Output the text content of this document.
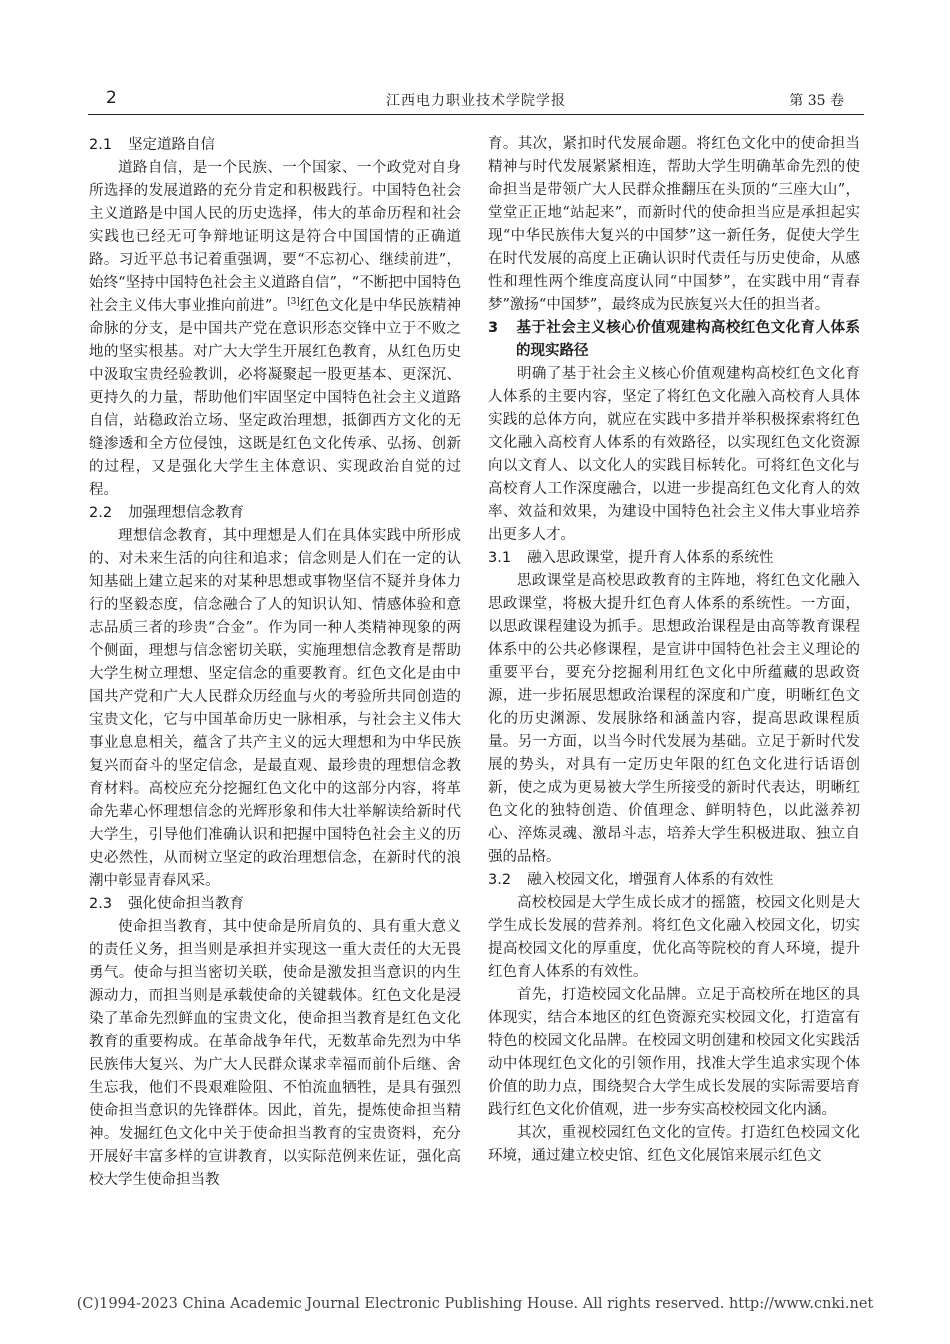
2	江西电力职业技术学院学报	第 35 卷
2.1 坚定道路自信

道路自信，是一个民族、一个国家、一个政党对自身所选择的发展道路的充分肯定和积极践行。中国特色社会主义道路是中国人民的历史选择，伟大的革命历程和社会实践也已经无可争辩地证明这是符合中国国情的正确道路。习近平总书记着重强调，要“不忘初心、继续前进”，始终“坚持中国特色社会主义道路自信”，“不断把中国特色社会主义伟大事业推向前进”。[3]红色文化是中华民族精神命脉的分支，是中国共产党在意识形态交锋中立于不败之地的坚实根基。对广大大学生开展红色教育，从红色历史中汲取宝贵经验教训，必将凝聚起一股更基本、更深沉、更持久的力量，帮助他们牢固坚定中国特色社会主义道路自信，站稳政治立场、坚定政治理想，抵御西方文化的无缝渗透和全方位侵蚀，这既是红色文化传承、弘扬、创新的过程，又是强化大学生主体意识、实现政治自觉的过程。

2.2 加强理想信念教育

理想信念教育，其中理想是人们在具体实践中所形成的、对未来生活的向往和追求；信念则是人们在一定的认知基础上建立起来的对某种思想或事物坚信不疑并身体力行的坚毅态度，信念融合了人的知识认知、情感体验和意志品质三者的珍贵“合金”。作为同一种人类精神现象的两个侧面，理想与信念密切关联，实施理想信念教育是帮助大学生树立理想、坚定信念的重要教育。红色文化是由中国共产党和广大人民群众历经血与火的考验所共同创造的宝贵文化，它与中国革命历史一脉相承，与社会主义伟大事业息息相关，蕴含了共产主义的远大理想和为中华民族复兴而奋斗的坚定信念，是最直观、最珍贵的理想信念教育材料。高校应充分挖掘红色文化中的这部分内容，将革命先辈心怀理想信念的光辉形象和伟大壮举解读给新时代大学生，引导他们准确认识和把握中国特色社会主义的历史必然性，从而树立坚定的政治理想信念，在新时代的浪潮中彰显青春风采。

2.3 强化使命担当教育

使命担当教育，其中使命是所肩负的、具有重大意义的责任义务，担当则是承担并实现这一重大责任的大无畏勇气。使命与担当密切关联，使命是激发担当意识的内生源动力，而担当则是承载使命的关键载体。红色文化是浸染了革命先烈鲜血的宝贵文化，使命担当教育是红色文化教育的重要构成。在革命战争年代，无数革命先烈为中华民族伟大复兴、为广大人民群众谋求幸福而前仆后继、舍生忘我，他们不畏艰难险阻、不怕流血牺牲，是具有强烈使命担当意识的先锋群体。因此，首先，提炼使命担当精神。发掘红色文化中关于使命担当教育的宝贵资料，充分开展好丰富多样的宣讲教育，以实际范例来佐证，强化高校大学生使命担当教

育。其次，紧扣时代发展命题。将红色文化中的使命担当精神与时代发展紧紧相连，帮助大学生明确革命先烈的使命担当是带领广大人民群众推翻压在头顶的“三座大山”，堂堂正正地“站起来”，而新时代的使命担当应是承担起实现“中华民族伟大复兴的中国梦”这一新任务，促使大学生在时代发展的高度上正确认识时代责任与历史使命，从感性和理性两个维度高度认同“中国梦”，在实践中用“青春梦”激扬“中国梦”，最终成为民族复兴大任的担当者。

3 基于社会主义核心价值观建构高校红色文化育人体系的现实路径

明确了基于社会主义核心价值观建构高校红色文化育人体系的主要内容，坚定了将红色文化融入高校育人具体实践的总体方向，就应在实践中多措并举积极探索将红色文化融入高校育人体系的有效路径，以实现红色文化资源向以文育人、以文化人的实践目标转化。可将红色文化与高校育人工作深度融合，以进一步提高红色文化育人的效率、效益和效果，为建设中国特色社会主义伟大事业培养出更多人才。

3.1 融入思政课堂，提升育人体系的系统性

思政课堂是高校思政教育的主阵地，将红色文化融入思政课堂，将极大提升红色育人体系的系统性。一方面，以思政课程建设为抓手。思想政治课程是由高等教育课程体系中的公共必修课程，是宣讲中国特色社会主义理论的重要平台，要充分挖掘利用红色文化中所蕴藏的思政资源，进一步拓展思想政治课程的深度和广度，明晰红色文化的历史渊源、发展脉络和涵盖内容，提高思政课程质量。另一方面，以当今时代发展为基础。立足于新时代发展的势头，对具有一定历史年限的红色文化进行话语创新，使之成为更易被大学生所接受的新时代表达，明晰红色文化的独特创造、价值理念、鲜明特色，以此滋养初心、淬炼灵魂、激昂斗志，培养大学生积极进取、独立自强的品格。

3.2 融入校园文化，增强育人体系的有效性

高校校园是大学生成长成才的摇篮，校园文化则是大学生成长发展的营养剂。将红色文化融入校园文化，切实提高校园文化的厚重度，优化高等院校的育人环境，提升红色育人体系的有效性。

首先，打造校园文化品牌。立足于高校所在地区的具体现实，结合本地区的红色资源充实校园文化，打造富有特色的校园文化品牌。在校园文明创建和校园文化实践活动中体现红色文化的引领作用，找准大学生追求实现个体价值的助力点，围绕契合大学生成长发展的实际需要培育践行红色文化价值观，进一步夯实高校校园文化内涵。

其次，重视校园红色文化的宣传。打造红色校园文化环境，通过建立校史馆、红色文化展馆来展示红色文

(C)1994-2023 China Academic Journal Electronic Publishing House. All rights reserved. http://www.cnki.net
